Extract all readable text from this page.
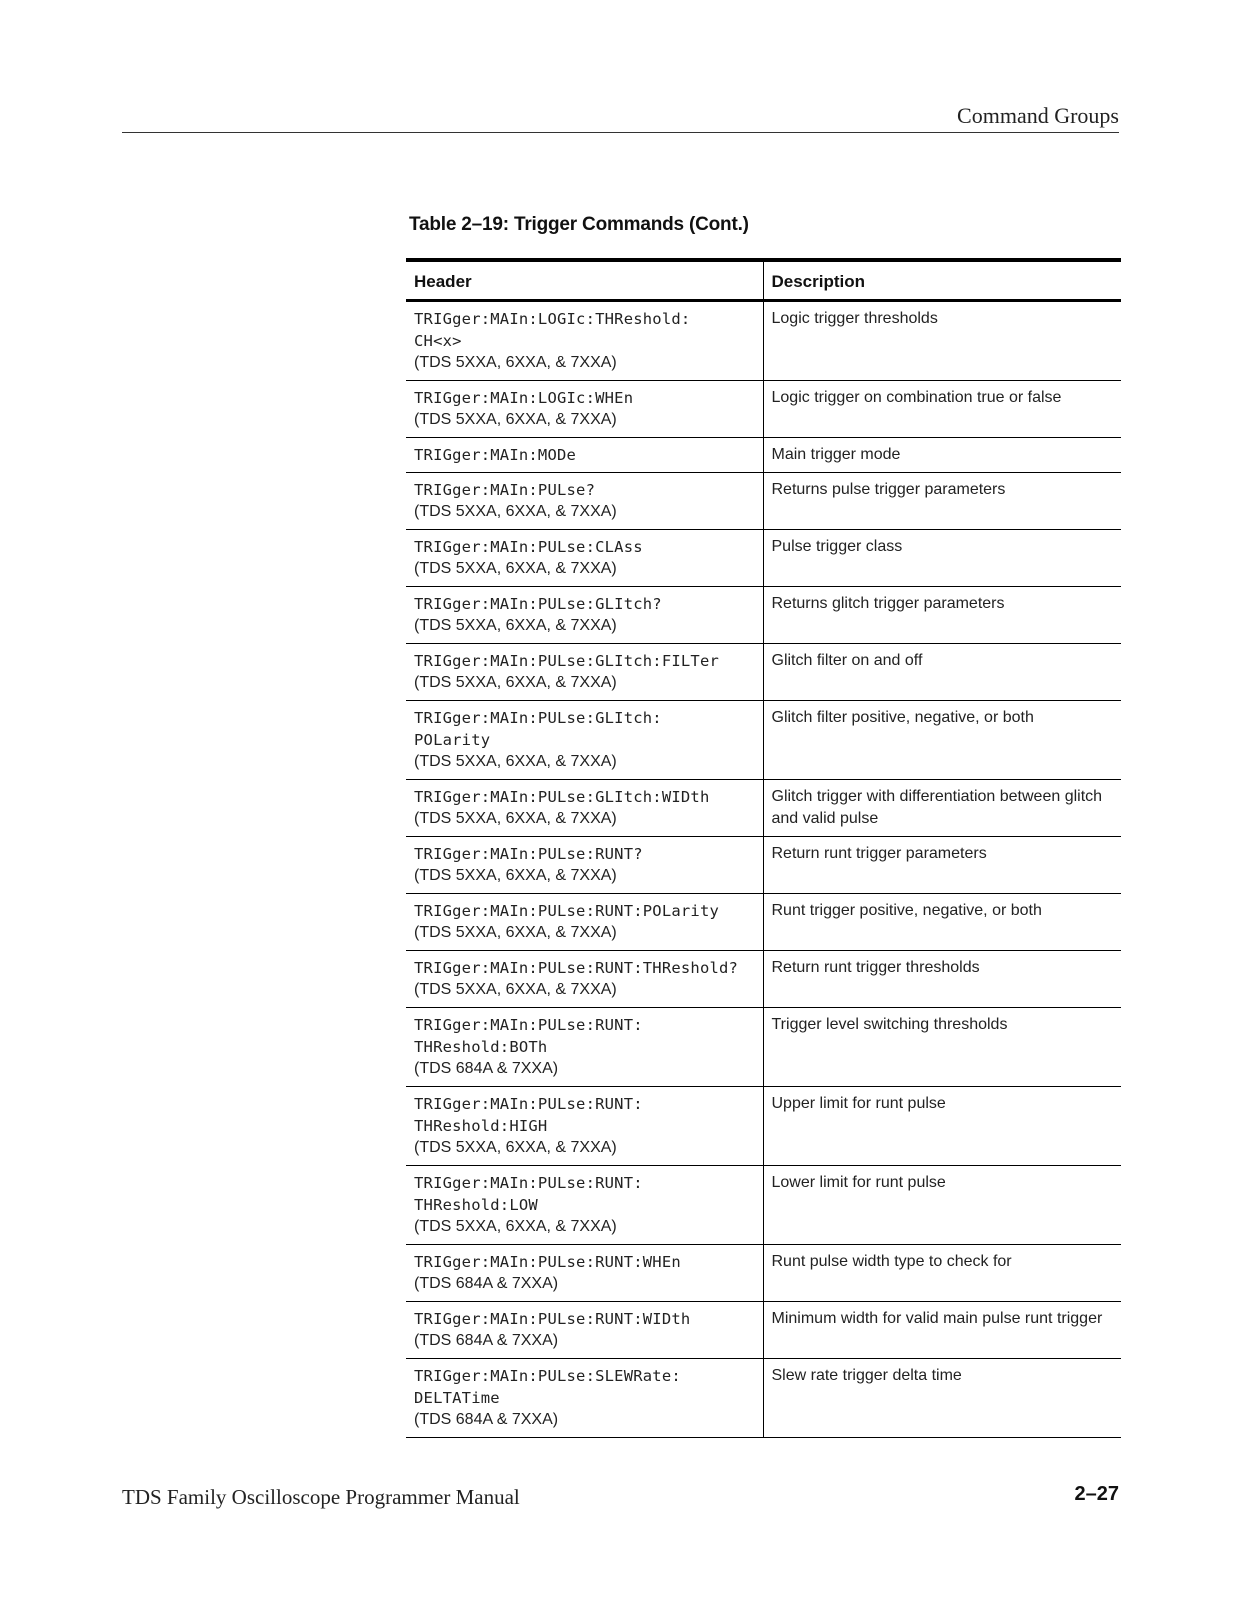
Command Groups
Table 2–19: Trigger Commands (Cont.)
Header	Description

TRIGger:MAIn:LOGIc:THReshold:
CH<x>
(TDS 5XXA, 6XXA, & 7XXA)	Logic trigger thresholds

TRIGger:MAIn:LOGIc:WHEn
(TDS 5XXA, 6XXA, & 7XXA)	Logic trigger on combination true or false

TRIGger:MAIn:MODe	Main trigger mode

TRIGger:MAIn:PULse?
(TDS 5XXA, 6XXA, & 7XXA)	Returns pulse trigger parameters

TRIGger:MAIn:PULse:CLAss
(TDS 5XXA, 6XXA, & 7XXA)	Pulse trigger class

TRIGger:MAIn:PULse:GLItch?
(TDS 5XXA, 6XXA, & 7XXA)	Returns glitch trigger parameters

TRIGger:MAIn:PULse:GLItch:FILTer
(TDS 5XXA, 6XXA, & 7XXA)	Glitch filter on and off

TRIGger:MAIn:PULse:GLItch:
POLarity
(TDS 5XXA, 6XXA, & 7XXA)	Glitch filter positive, negative, or both

TRIGger:MAIn:PULse:GLItch:WIDth
(TDS 5XXA, 6XXA, & 7XXA)	Glitch trigger with differentiation between glitch and valid pulse

TRIGger:MAIn:PULse:RUNT?
(TDS 5XXA, 6XXA, & 7XXA)	Return runt trigger parameters

TRIGger:MAIn:PULse:RUNT:POLarity
(TDS 5XXA, 6XXA, & 7XXA)	Runt trigger positive, negative, or both

TRIGger:MAIn:PULse:RUNT:THReshold?
(TDS 5XXA, 6XXA, & 7XXA)	Return runt trigger thresholds

TRIGger:MAIn:PULse:RUNT:
THReshold:BOTh
(TDS 684A & 7XXA)	Trigger level switching thresholds

TRIGger:MAIn:PULse:RUNT:
THReshold:HIGH
(TDS 5XXA, 6XXA, & 7XXA)	Upper limit for runt pulse

TRIGger:MAIn:PULse:RUNT:
THReshold:LOW
(TDS 5XXA, 6XXA, & 7XXA)	Lower limit for runt pulse

TRIGger:MAIn:PULse:RUNT:WHEn
(TDS 684A & 7XXA)	Runt pulse width type to check for

TRIGger:MAIn:PULse:RUNT:WIDth
(TDS 684A & 7XXA)	Minimum width for valid main pulse runt trigger

TRIGger:MAIn:PULse:SLEWRate:
DELTATime
(TDS 684A & 7XXA)	Slew rate trigger delta time
TDS Family Oscilloscope Programmer Manual	2–27
